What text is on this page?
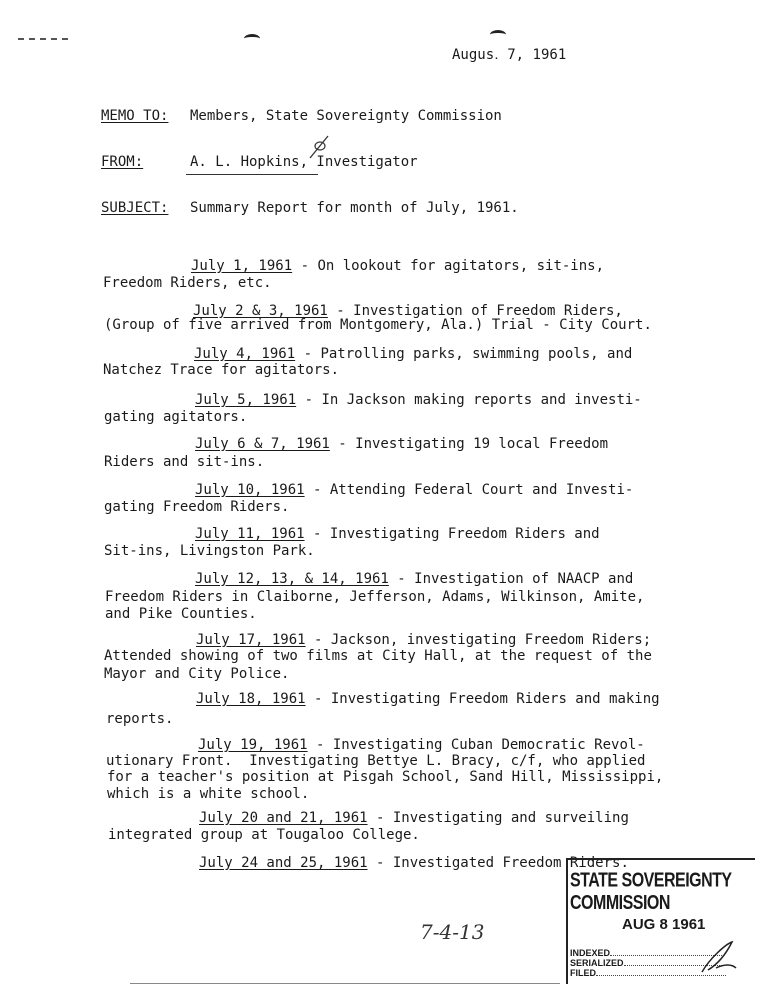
Augus․ 7, 1961
MEMO TO: Members, State Sovereignty Commission
FROM:	A. L. Hopkins, Investigator
SUBJECT: Summary Report for month of July, 1961.
July 1, 1961 - On lookout for agitators, sit-ins,
Freedom Riders, etc.
July 2 & 3, 1961 - Investigation of Freedom Riders,
(Group of five arrived from Montgomery, Ala.) Trial - City Court.
July 4, 1961 - Patrolling parks, swimming pools, and
Natchez Trace for agitators.
July 5, 1961 - In Jackson making reports and investi-
gating agitators.
July 6 & 7, 1961 - Investigating 19 local Freedom
Riders and sit-ins.
July 10, 1961 - Attending Federal Court and Investi-
gating Freedom Riders.
July 11, 1961 - Investigating Freedom Riders and
Sit-ins, Livingston Park.
July 12, 13, & 14, 1961 - Investigation of NAACP and
Freedom Riders in Claiborne, Jefferson, Adams, Wilkinson, Amite,
and Pike Counties.
July 17, 1961 - Jackson, investigating Freedom Riders;
Attended showing of two films at City Hall, at the request of the
Mayor and City Police.
July 18, 1961 - Investigating Freedom Riders and making
reports.
July 19, 1961 - Investigating Cuban Democratic Revol-
utionary Front.  Investigating Bettye L. Bracy, c/f, who applied
for a teacher's position at Pisgah School, Sand Hill, Mississippi,
which is a white school.
July 20 and 21, 1961 - Investigating and surveiling
integrated group at Tougaloo College.
July 24 and 25, 1961 - Investigated Freedom Riders.
7-4-13
STATE SOVEREIGNTY COMMISSION
AUG 8 1961
INDEXED
SERIALIZED
FILED
